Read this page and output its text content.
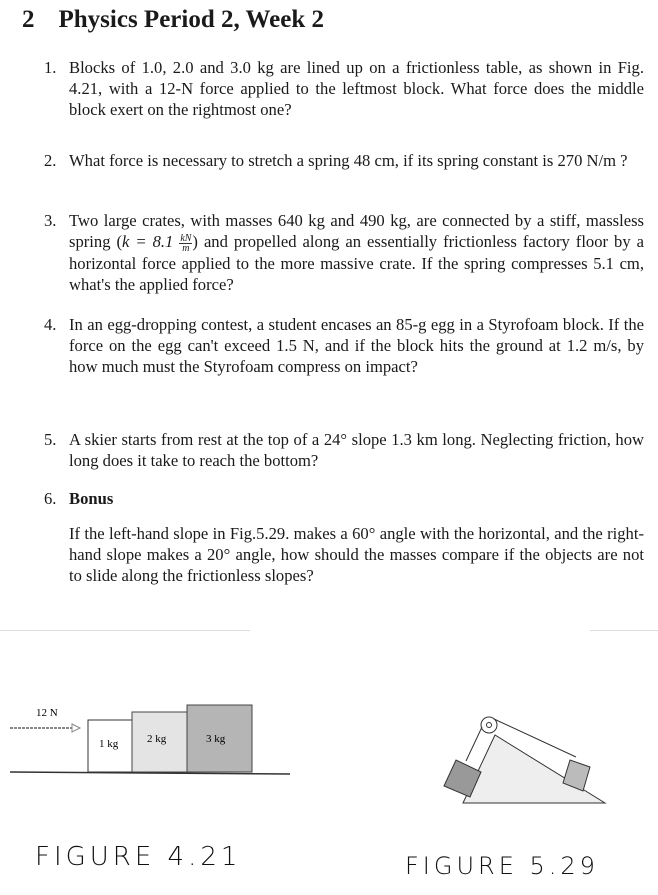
2 Physics Period 2, Week 2
1. Blocks of 1.0, 2.0 and 3.0 kg are lined up on a frictionless table, as shown in Fig. 4.21, with a 12-N force applied to the leftmost block. What force does the middle block exert on the rightmost one?
2. What force is necessary to stretch a spring 48 cm, if its spring constant is 270 N/m ?
3. Two large crates, with masses 640 kg and 490 kg, are connected by a stiff, massless spring ($k = 8.1 \frac{kN}{m}$ ) and propelled along an essentially frictionless factory floor by a horizontal force applied to the more massive crate. If the spring compresses 5.1 cm, what's the applied force?
4. In an egg-dropping contest, a student encases an 85-g egg in a Styrofoam block. If the force on the egg can't exceed 1.5 N, and if the block hits the ground at 1.2 m/s, by how much must the Styrofoam compress on impact?
5. A skier starts from rest at the top of a 24° slope 1.3 km long. Neglecting friction, how long does it take to reach the bottom?
6. Bonus
If the left-hand slope in Fig.5.29. makes a 60° angle with the horizontal, and the right-hand slope makes a 20° angle, how should the masses compare if the objects are not to slide along the frictionless slopes?
12 N
1 kg	2 kg	3 kg
FIGURE 4.21	FIGURE 5.29
